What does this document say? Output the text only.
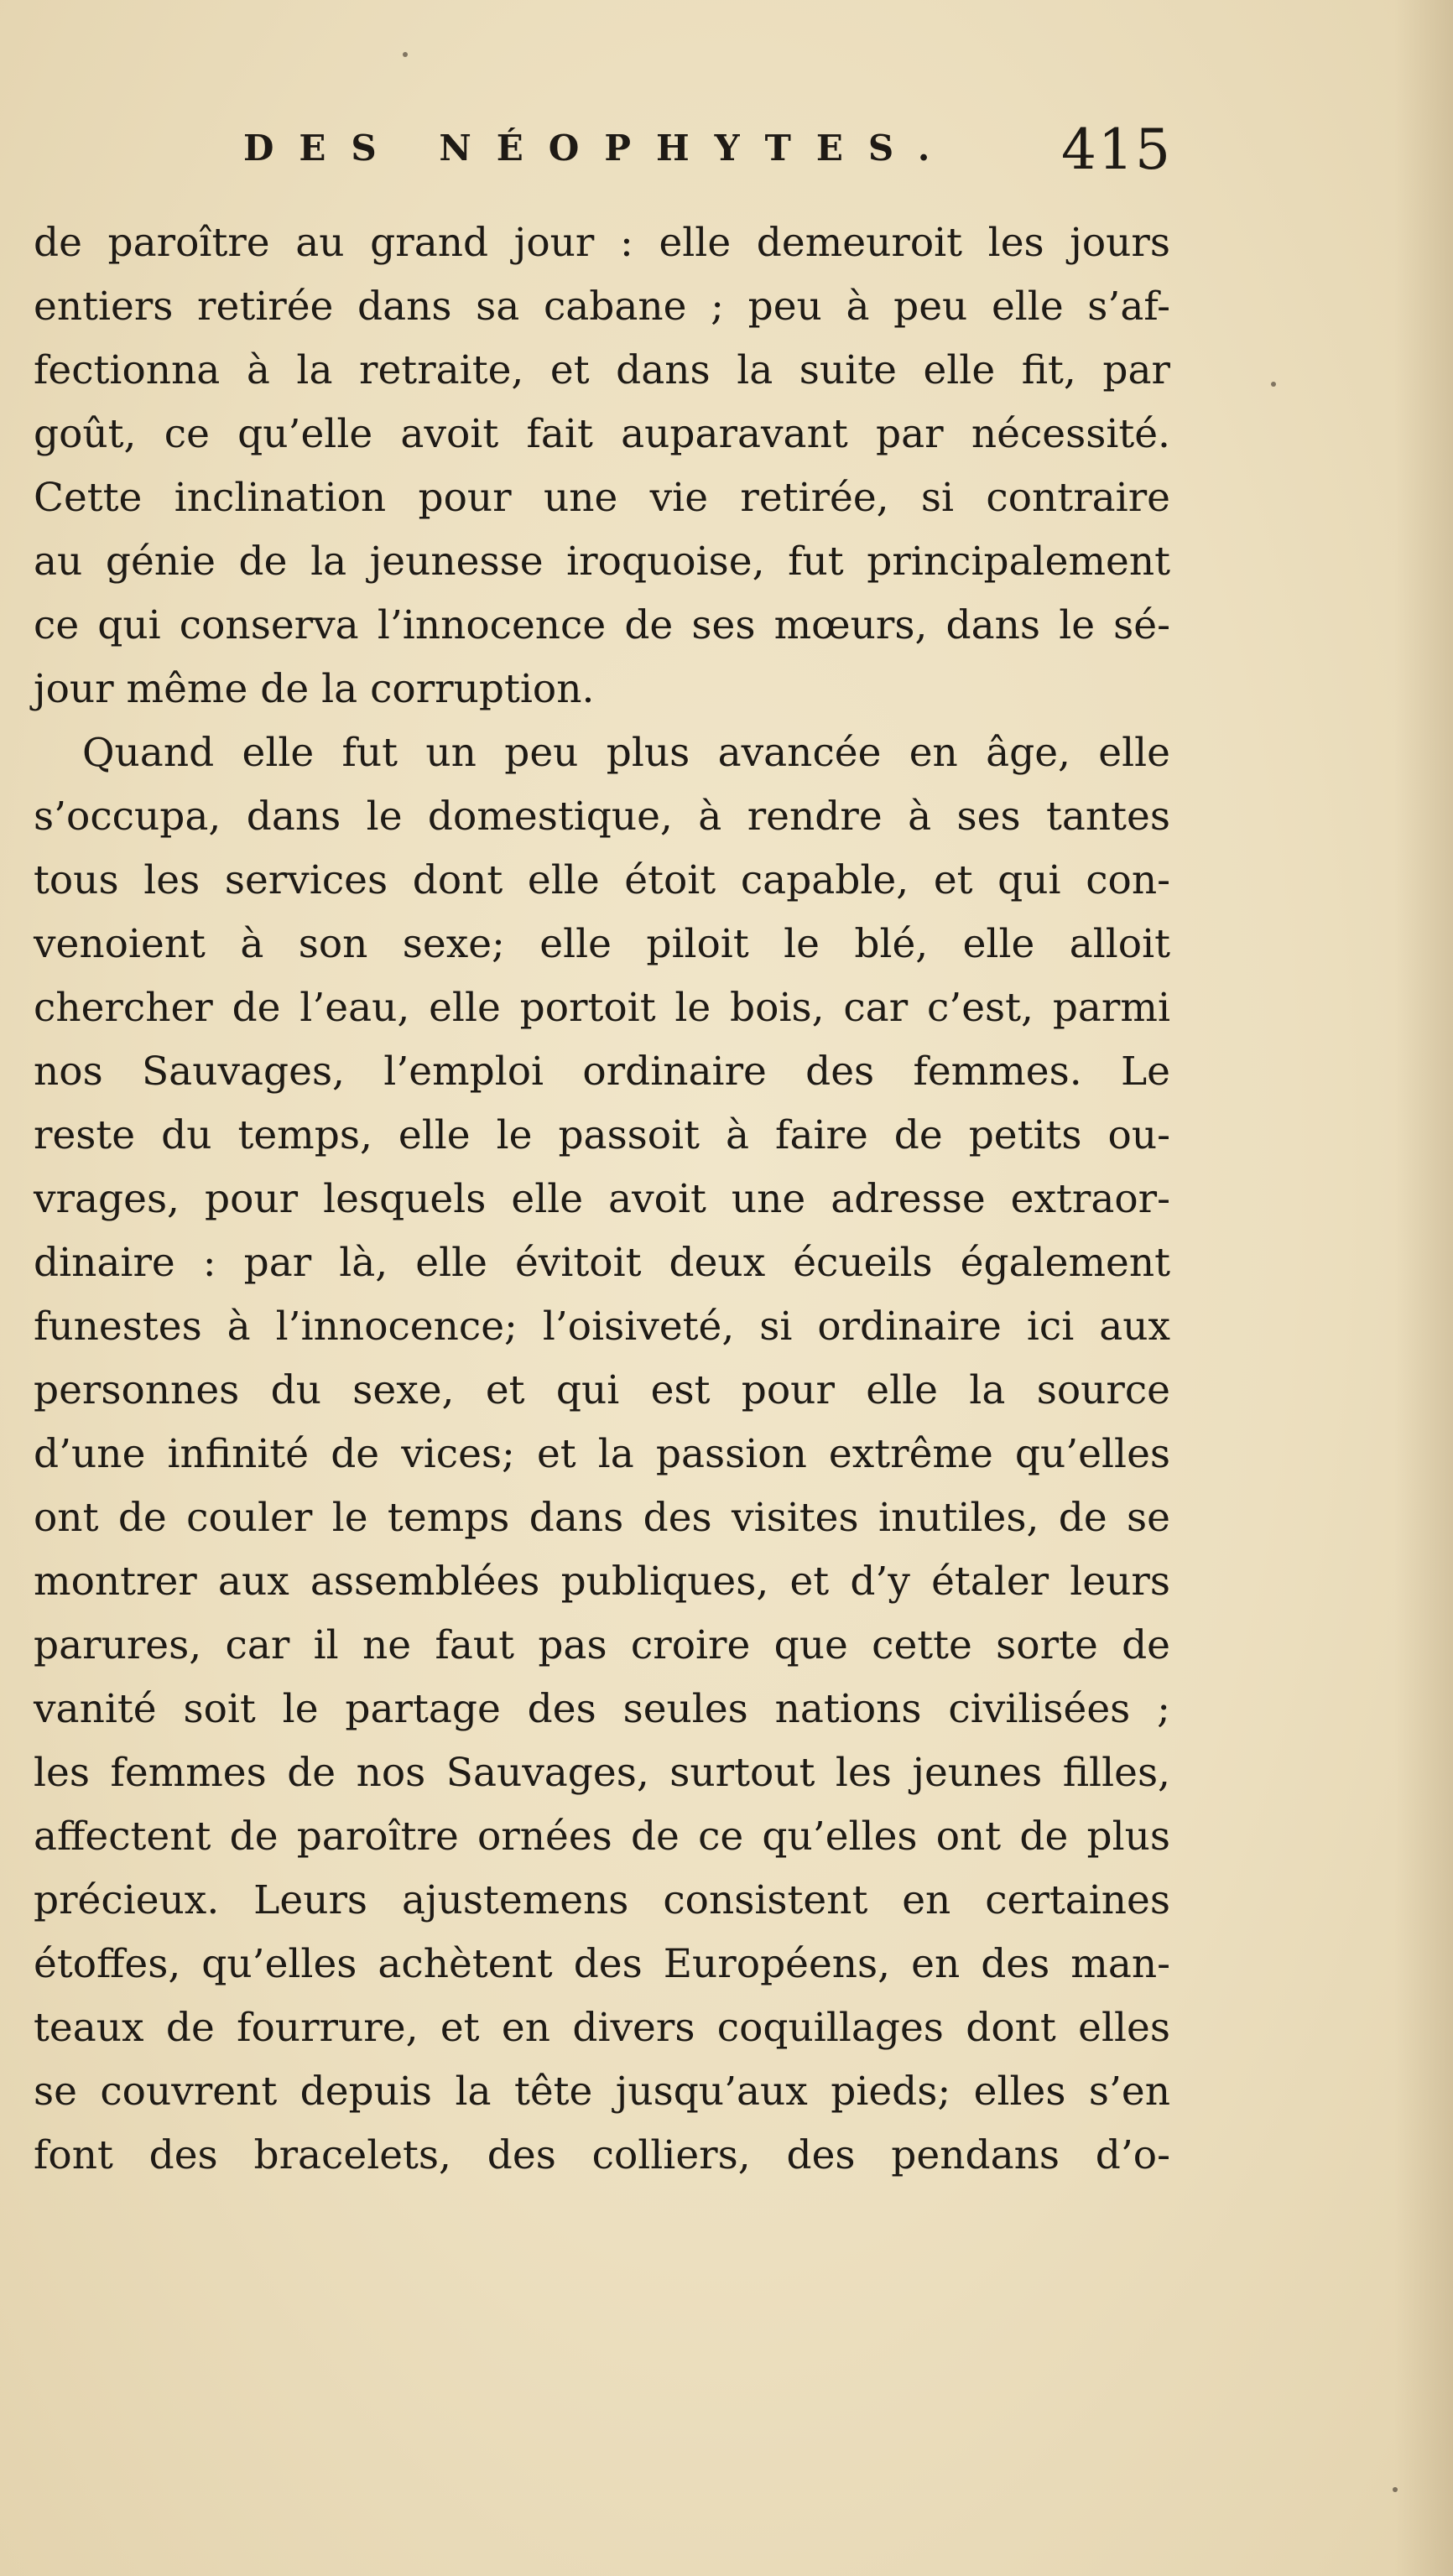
DES NÉOPHYTES. 415
de paroître au grand jour : elle demeuroit les jours
entiers retirée dans sa cabane ; peu à peu elle s’af-
fectionna à la retraite, et dans la suite elle fit, par
goût, ce qu’elle avoit fait auparavant par nécessité.
Cette inclination pour une vie retirée, si contraire
au génie de la jeunesse iroquoise, fut principalement
ce qui conserva l’innocence de ses mœurs, dans le sé-
jour même de la corruption.
Quand elle fut un peu plus avancée en âge, elle
s’occupa, dans le domestique, à rendre à ses tantes
tous les services dont elle étoit capable, et qui con-
venoient à son sexe; elle piloit le blé, elle alloit
chercher de l’eau, elle portoit le bois, car c’est, parmi
nos Sauvages, l’emploi ordinaire des femmes. Le
reste du temps, elle le passoit à faire de petits ou-
vrages, pour lesquels elle avoit une adresse extraor-
dinaire : par là, elle évitoit deux écueils également
funestes à l’innocence; l’oisiveté, si ordinaire ici aux
personnes du sexe, et qui est pour elle la source
d’une infinité de vices; et la passion extrême qu’elles
ont de couler le temps dans des visites inutiles, de se
montrer aux assemblées publiques, et d’y étaler leurs
parures, car il ne faut pas croire que cette sorte de
vanité soit le partage des seules nations civilisées ;
les femmes de nos Sauvages, surtout les jeunes filles,
affectent de paroître ornées de ce qu’elles ont de plus
précieux. Leurs ajustemens consistent en certaines
étoffes, qu’elles achètent des Européens, en des man-
teaux de fourrure, et en divers coquillages dont elles
se couvrent depuis la tête jusqu’aux pieds; elles s’en
font des bracelets, des colliers, des pendans d’o-
